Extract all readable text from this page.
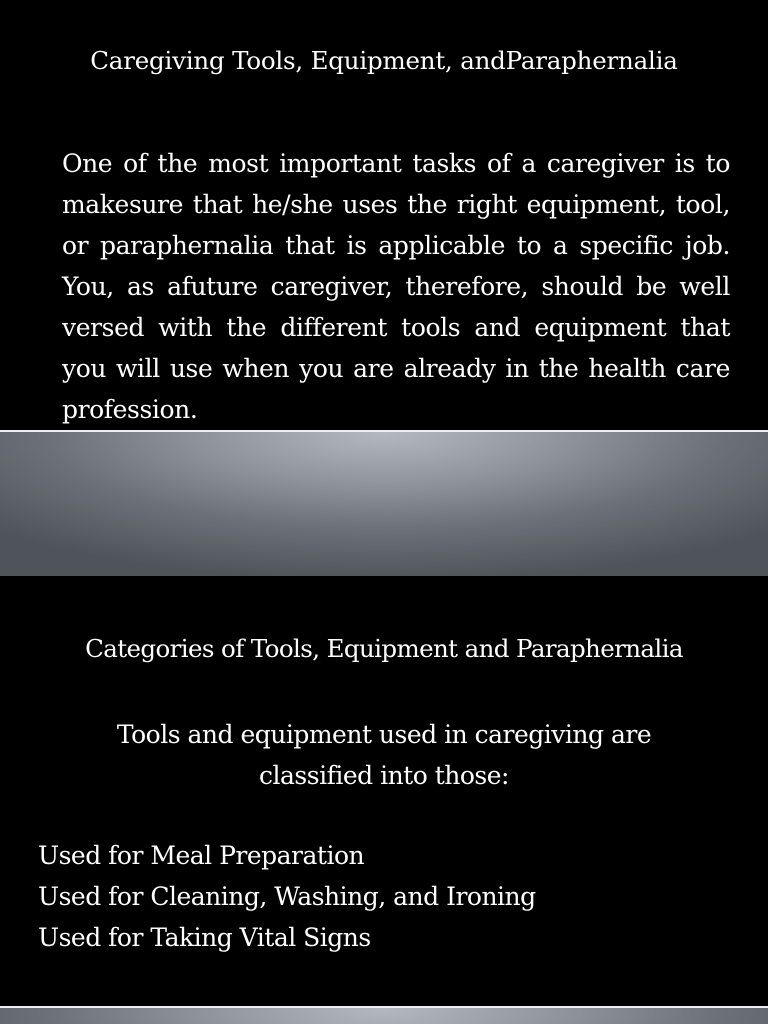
Caregiving Tools, Equipment, andParaphernalia
One of the most important tasks of a caregiver is to makesure that he/she uses the right equipment, tool, or paraphernalia that is applicable to a specific job. You, as afuture caregiver, therefore, should be well versed with the different tools and equipment that you will use when you are already in the health care profession.
Categories of Tools, Equipment and Paraphernalia
Tools and equipment used in caregiving are classified into those:
Used for Meal Preparation
Used for Cleaning, Washing, and Ironing
Used for Taking Vital Signs
